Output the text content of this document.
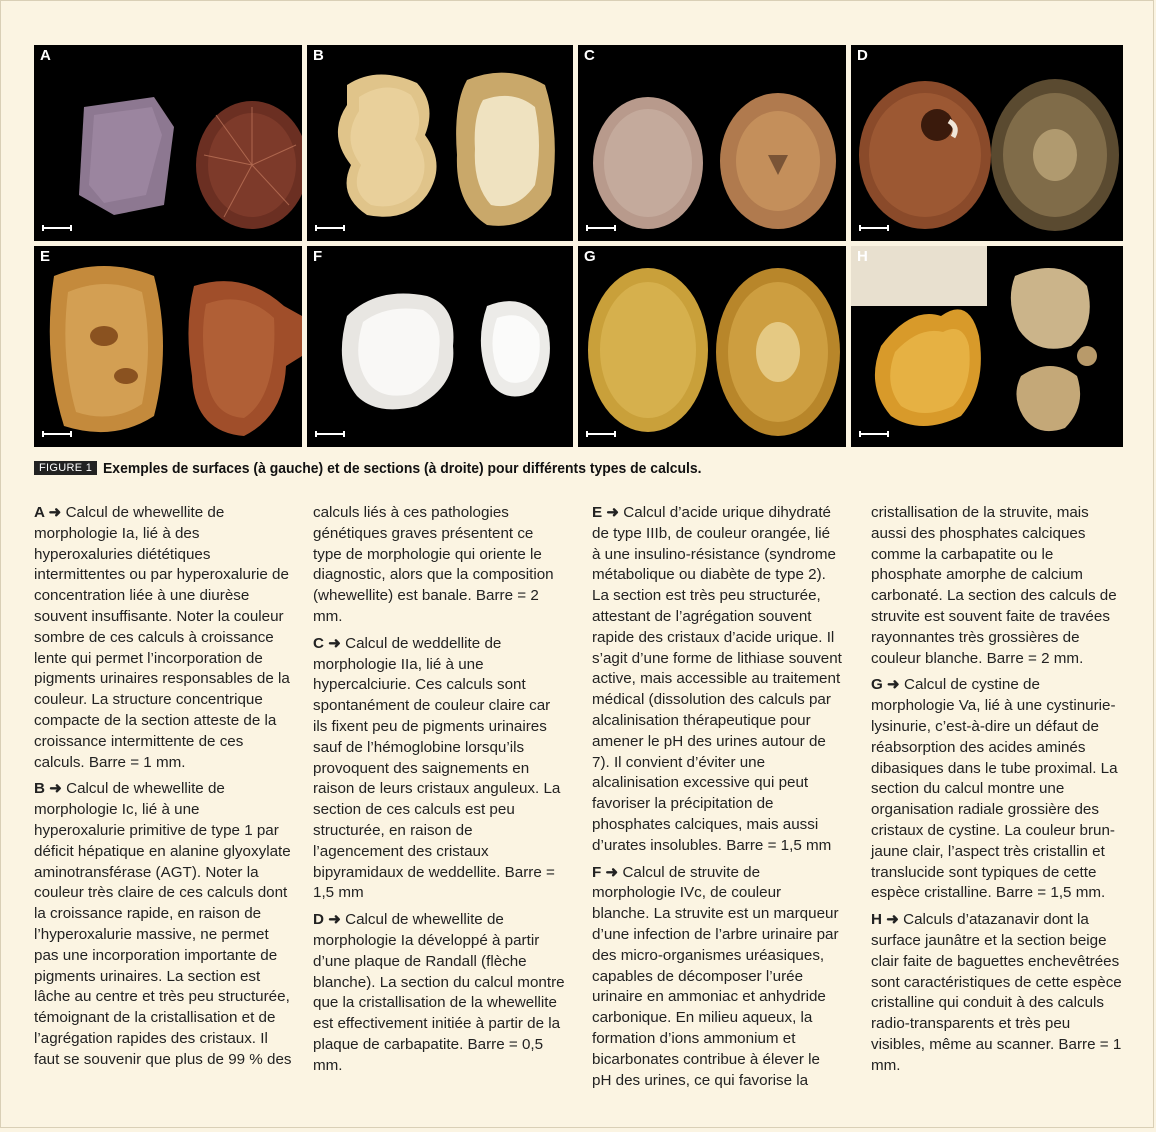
A	B	C	D
E	F	G	H
FIGURE 1 Exemples de surfaces (à gauche) et de sections (à droite) pour différents types de calculs.

A ➜ Calcul de whewellite de morphologie Ia, lié à des hyperoxaluries diététiques intermittentes ou par hyperoxalurie de concentration liée à une diurèse souvent insuffisante. Noter la couleur sombre de ces calculs à croissance lente qui permet l’incorporation de pigments urinaires responsables de la couleur. La structure concentrique compacte de la section atteste de la croissance intermittente de ces calculs. Barre = 1 mm.

B ➜ Calcul de whewellite de morphologie Ic, lié à une hyperoxalurie primitive de type 1 par déficit hépatique en alanine glyoxylate aminotransférase (AGT). Noter la couleur très claire de ces calculs dont la croissance rapide, en raison de l’hyperoxalurie massive, ne permet pas une incorporation importante de pigments urinaires. La section est lâche au centre et très peu structurée, témoignant de la cristallisation et de l’agrégation rapides des cristaux. Il faut se souvenir que plus de 99 % des

calculs liés à ces pathologies génétiques graves présentent ce type de morphologie qui oriente le diagnostic, alors que la composition (whewellite) est banale. Barre = 2 mm.

C ➜ Calcul de weddellite de morphologie IIa, lié à une hypercalciurie. Ces calculs sont spontanément de couleur claire car ils fixent peu de pigments urinaires sauf de l’hémoglobine lorsqu’ils provoquent des saignements en raison de leurs cristaux anguleux. La section de ces calculs est peu structurée, en raison de l’agencement des cristaux bipyramidaux de weddellite. Barre = 1,5 mm

D ➜ Calcul de whewellite de morphologie Ia développé à partir d’une plaque de Randall (flèche blanche). La section du calcul montre que la cristallisation de la whewellite est effectivement initiée à partir de la plaque de carbapatite. Barre = 0,5 mm.

E ➜ Calcul d’acide urique dihydraté de type IIIb, de couleur orangée, lié à une insulino-résistance (syndrome métabolique ou diabète de type 2). La section est très peu structurée, attestant de l’agrégation souvent rapide des cristaux d’acide urique. Il s’agit d’une forme de lithiase souvent active, mais accessible au traitement médical (dissolution des calculs par alcalinisation thérapeutique pour amener le pH des urines autour de 7). Il convient d’éviter une alcalinisation excessive qui peut favoriser la précipitation de phosphates calciques, mais aussi d’urates insolubles. Barre = 1,5 mm

F ➜ Calcul de struvite de morphologie IVc, de couleur blanche. La struvite est un marqueur d’une infection de l’arbre urinaire par des micro-organismes uréasiques, capables de décomposer l’urée urinaire en ammoniac et anhydride carbonique. En milieu aqueux, la formation d’ions ammonium et bicarbonates contribue à élever le pH des urines, ce qui favorise la

cristallisation de la struvite, mais aussi des phosphates calciques comme la carbapatite ou le phosphate amorphe de calcium carbonaté. La section des calculs de struvite est souvent faite de travées rayonnantes très grossières de couleur blanche. Barre = 2 mm.

G ➜ Calcul de cystine de morphologie Va, lié à une cystinurie-lysinurie, c’est-à-dire un défaut de réabsorption des acides aminés dibasiques dans le tube proximal. La section du calcul montre une organisation radiale grossière des cristaux de cystine. La couleur brun-jaune clair, l’aspect très cristallin et translucide sont typiques de cette espèce cristalline. Barre = 1,5 mm.

H ➜ Calculs d’atazanavir dont la surface jaunâtre et la section beige clair faite de baguettes enchevêtrées sont caractéristiques de cette espèce cristalline qui conduit à des calculs radio-transparents et très peu visibles, même au scanner. Barre = 1 mm.
